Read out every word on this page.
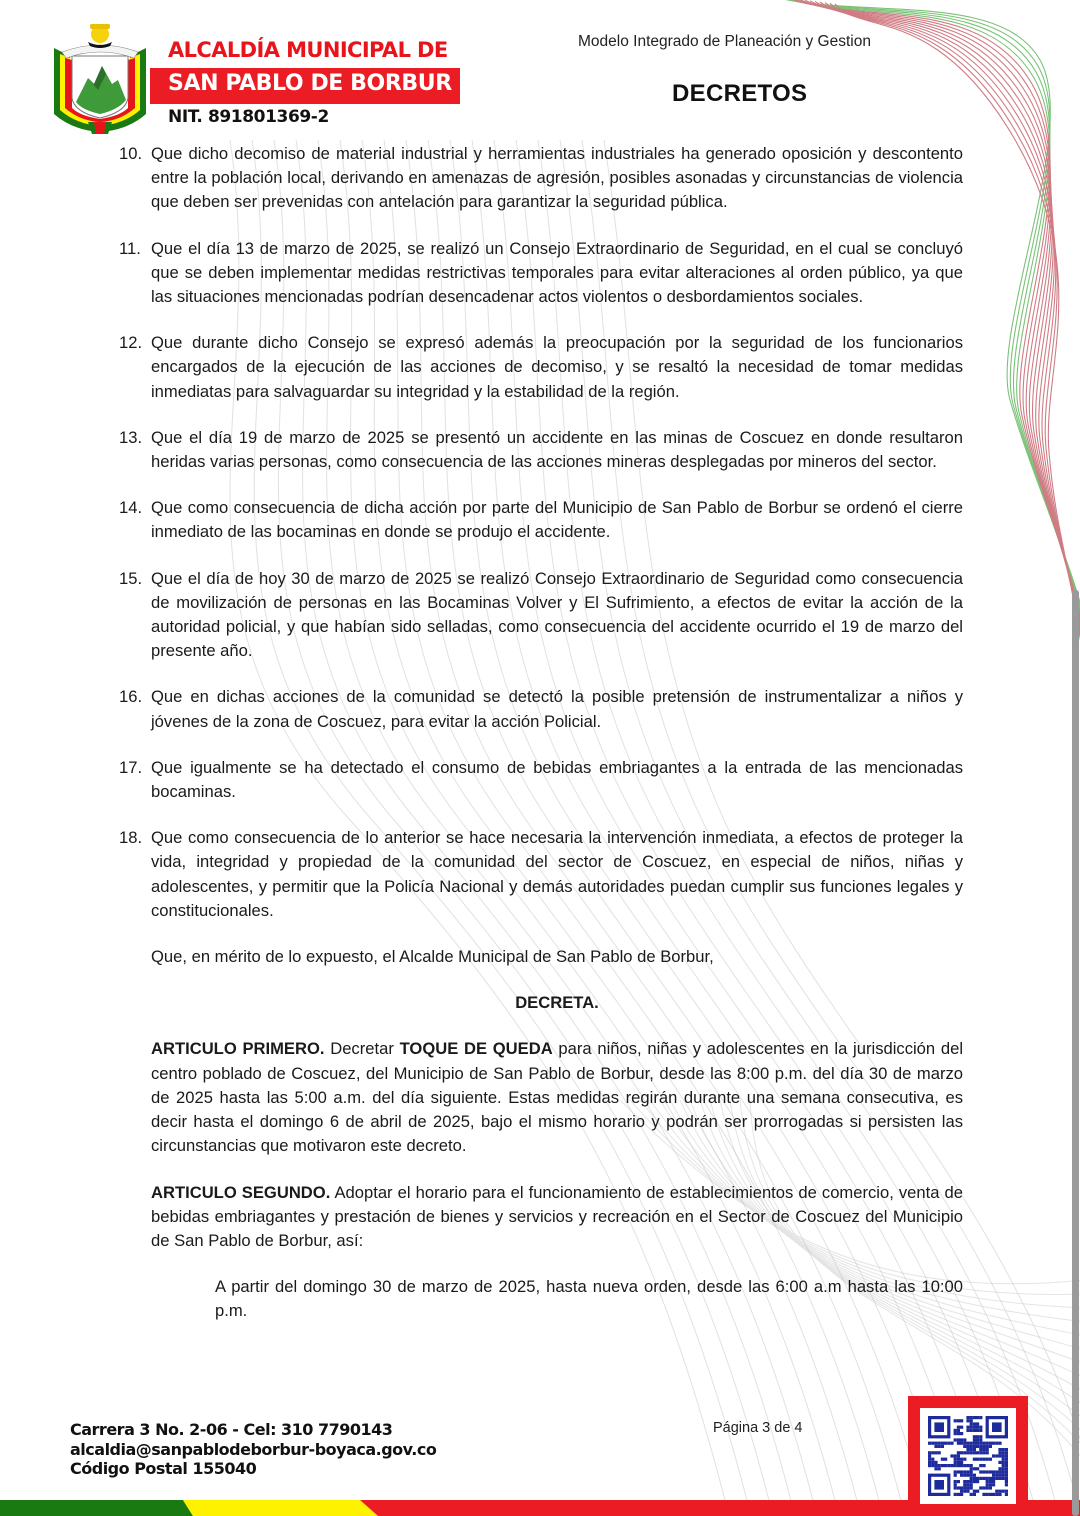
ALCALDÍA MUNICIPAL DE
SAN PABLO DE BORBUR
NIT. 891801369-2
Modelo Integrado de Planeación y Gestion
DECRETOS
10. Que dicho decomiso de material industrial y herramientas industriales ha generado oposición y descontento entre la población local, derivando en amenazas de agresión, posibles asonadas y circunstancias de violencia que deben ser prevenidas con antelación para garantizar la seguridad pública.
11. Que el día 13 de marzo de 2025, se realizó un Consejo Extraordinario de Seguridad, en el cual se concluyó que se deben implementar medidas restrictivas temporales para evitar alteraciones al orden público, ya que las situaciones mencionadas podrían desencadenar actos violentos o desbordamientos sociales.
12. Que durante dicho Consejo se expresó además la preocupación por la seguridad de los funcionarios encargados de la ejecución de las acciones de decomiso, y se resaltó la necesidad de tomar medidas inmediatas para salvaguardar su integridad y la estabilidad de la región.
13. Que el día 19 de marzo de 2025 se presentó un accidente en las minas de Coscuez en donde resultaron heridas varias personas, como consecuencia de las acciones mineras desplegadas por mineros del sector.
14. Que como consecuencia de dicha acción por parte del Municipio de San Pablo de Borbur se ordenó el cierre inmediato de las bocaminas en donde se produjo el accidente.
15. Que el día de hoy 30 de marzo de 2025 se realizó Consejo Extraordinario de Seguridad como consecuencia de movilización de personas en las Bocaminas Volver y El Sufrimiento, a efectos de evitar la acción de la autoridad policial, y que habían sido selladas, como consecuencia del accidente ocurrido el 19 de marzo del presente año.
16. Que en dichas acciones de la comunidad se detectó la posible pretensión de instrumentalizar a niños y jóvenes de la zona de Coscuez, para evitar la acción Policial.
17. Que igualmente se ha detectado el consumo de bebidas embriagantes a la entrada de las mencionadas bocaminas.
18. Que como consecuencia de lo anterior se hace necesaria la intervención inmediata, a efectos de proteger la vida, integridad y propiedad de la comunidad del sector de Coscuez, en especial de niños, niñas y adolescentes, y permitir que la Policía Nacional y demás autoridades puedan cumplir sus funciones legales y constitucionales.
Que, en mérito de lo expuesto, el Alcalde Municipal de San Pablo de Borbur,
DECRETA.
ARTICULO PRIMERO. Decretar TOQUE DE QUEDA para niños, niñas y adolescentes en la jurisdicción del centro poblado de Coscuez, del Municipio de San Pablo de Borbur, desde las 8:00 p.m. del día 30 de marzo de 2025 hasta las 5:00 a.m. del día siguiente. Estas medidas regirán durante una semana consecutiva, es decir hasta el domingo 6 de abril de 2025, bajo el mismo horario y podrán ser prorrogadas si persisten las circunstancias que motivaron este decreto.
ARTICULO SEGUNDO. Adoptar el horario para el funcionamiento de establecimientos de comercio, venta de bebidas embriagantes y prestación de bienes y servicios y recreación en el Sector de Coscuez del Municipio de San Pablo de Borbur, así:
A partir del domingo 30 de marzo de 2025, hasta nueva orden, desde las 6:00 a.m hasta las 10:00 p.m.
Carrera 3 No. 2-06 - Cel: 310 7790143
alcaldia@sanpablodeborbur-boyaca.gov.co
Código Postal 155040
Página 3 de 4
